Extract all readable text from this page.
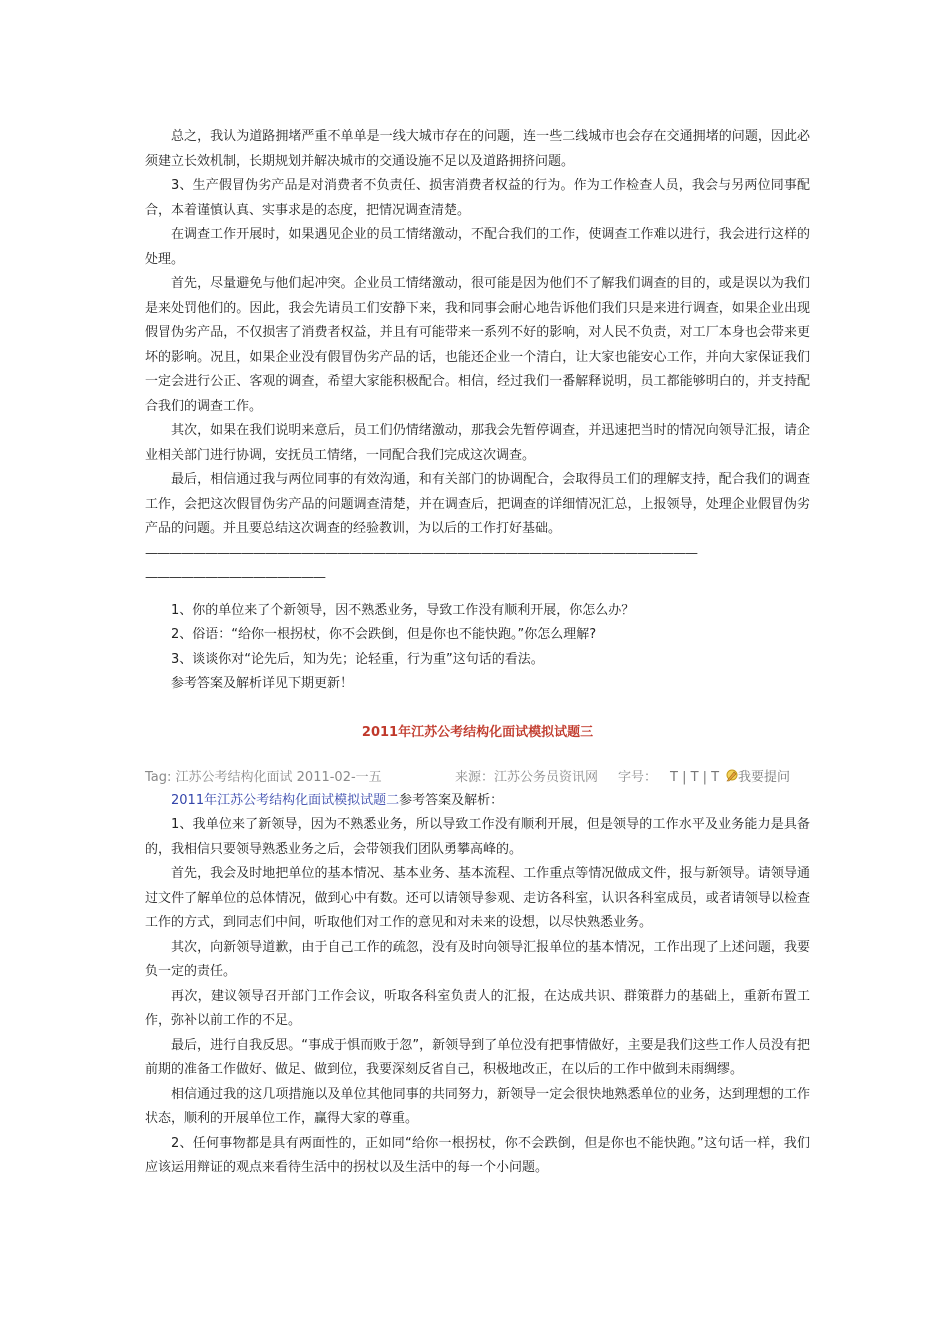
总之，我认为道路拥堵严重不单单是一线大城市存在的问题，连一些二线城市也会存在交通拥堵的问题，因此必须建立长效机制，长期规划并解决城市的交通设施不足以及道路拥挤问题。

3、生产假冒伪劣产品是对消费者不负责任、损害消费者权益的行为。作为工作检查人员，我会与另两位同事配合，本着谨慎认真、实事求是的态度，把情况调查清楚。

在调查工作开展时，如果遇见企业的员工情绪激动，不配合我们的工作，使调查工作难以进行，我会进行这样的处理。

首先，尽量避免与他们起冲突。企业员工情绪激动，很可能是因为他们不了解我们调查的目的，或是误以为我们是来处罚他们的。因此，我会先请员工们安静下来，我和同事会耐心地告诉他们我们只是来进行调查，如果企业出现假冒伪劣产品，不仅损害了消费者权益，并且有可能带来一系列不好的影响，对人民不负责，对工厂本身也会带来更坏的影响。况且，如果企业没有假冒伪劣产品的话，也能还企业一个清白，让大家也能安心工作，并向大家保证我们一定会进行公正、客观的调查，希望大家能积极配合。相信，经过我们一番解释说明，员工都能够明白的，并支持配合我们的调查工作。

其次，如果在我们说明来意后，员工们仍情绪激动，那我会先暂停调查，并迅速把当时的情况向领导汇报，请企业相关部门进行协调，安抚员工情绪，一同配合我们完成这次调查。

最后，相信通过我与两位同事的有效沟通，和有关部门的协调配合，会取得员工们的理解支持，配合我们的调查工作，会把这次假冒伪劣产品的问题调查清楚，并在调查后，把调查的详细情况汇总，上报领导，处理企业假冒伪劣产品的问题。并且要总结这次调查的经验教训，为以后的工作打好基础。

——————————————————————————————————————————————
———————————————

1、你的单位来了个新领导，因不熟悉业务，导致工作没有顺利开展，你怎么办？

2、俗语：“给你一根拐杖，你不会跌倒，但是你也不能快跑。”你怎么理解?

3、谈谈你对“论先后，知为先；论轻重，行为重”这句话的看法。

参考答案及解析详见下期更新！

2011年江苏公考结构化面试模拟试题三
Tag: 江苏公考结构化面试 2011-02-一五	来源：江苏公务员资讯网 字号： T | T | T	我要提问

2011年江苏公考结构化面试模拟试题二参考答案及解析：

1、我单位来了新领导，因为不熟悉业务，所以导致工作没有顺利开展，但是领导的工作水平及业务能力是具备的，我相信只要领导熟悉业务之后，会带领我们团队勇攀高峰的。

首先，我会及时地把单位的基本情况、基本业务、基本流程、工作重点等情况做成文件，报与新领导。请领导通过文件了解单位的总体情况，做到心中有数。还可以请领导参观、走访各科室，认识各科室成员，或者请领导以检查工作的方式，到同志们中间，听取他们对工作的意见和对未来的设想，以尽快熟悉业务。

其次，向新领导道歉，由于自己工作的疏忽，没有及时向领导汇报单位的基本情况，工作出现了上述问题，我要负一定的责任。

再次，建议领导召开部门工作会议，听取各科室负责人的汇报，在达成共识、群策群力的基础上，重新布置工作，弥补以前工作的不足。

最后，进行自我反思。“事成于惧而败于忽”，新领导到了单位没有把事情做好，主要是我们这些工作人员没有把前期的准备工作做好、做足、做到位，我要深刻反省自己，积极地改正，在以后的工作中做到未雨绸缪。

相信通过我的这几项措施以及单位其他同事的共同努力，新领导一定会很快地熟悉单位的业务，达到理想的工作状态，顺利的开展单位工作，赢得大家的尊重。

2、任何事物都是具有两面性的，正如同“给你一根拐杖，你不会跌倒，但是你也不能快跑。”这句话一样，我们应该运用辩证的观点来看待生活中的拐杖以及生活中的每一个小问题。
